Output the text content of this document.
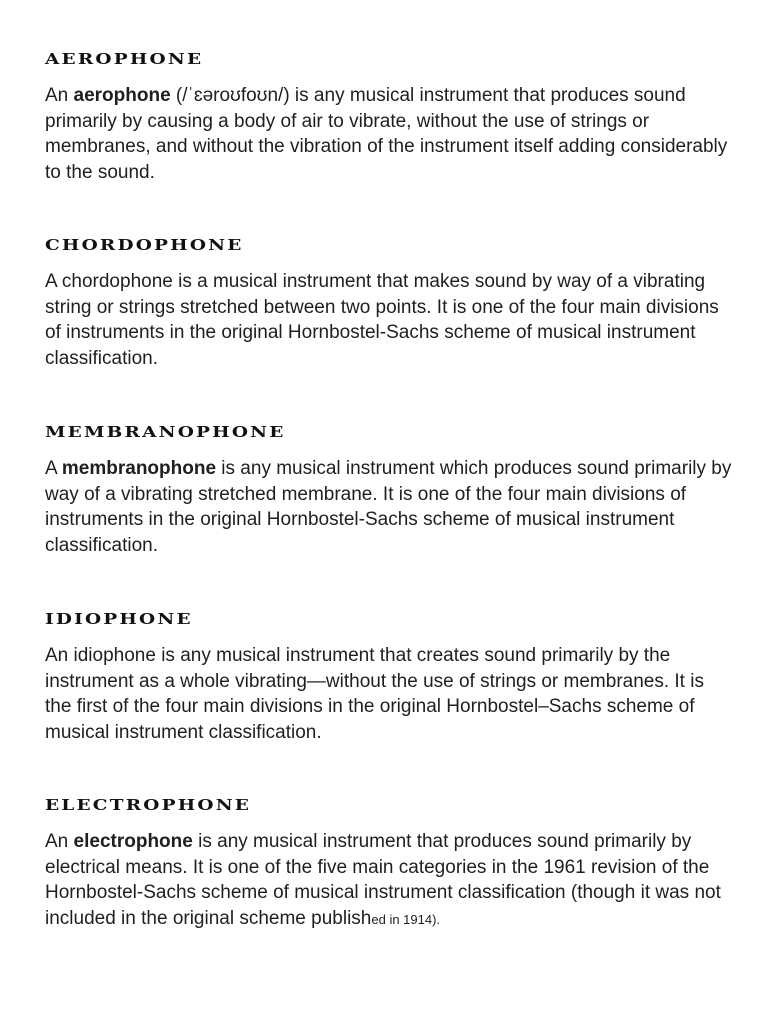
AEROPHONE

An aerophone (/ˈɛəroʊfoʊn/) is any musical instrument that produces sound primarily by causing a body of air to vibrate, without the use of strings or membranes, and without the vibration of the instrument itself adding considerably to the sound.

CHORDOPHONE

A chordophone is a musical instrument that makes sound by way of a vibrating string or strings stretched between two points. It is one of the four main divisions of instruments in the original Hornbostel-Sachs scheme of musical instrument classification.

MEMBRANOPHONE

A membranophone is any musical instrument which produces sound primarily by way of a vibrating stretched membrane. It is one of the four main divisions of instruments in the original Hornbostel-Sachs scheme of musical instrument classification.

IDIOPHONE

An idiophone is any musical instrument that creates sound primarily by the instrument as a whole vibrating—without the use of strings or membranes. It is the first of the four main divisions in the original Hornbostel–Sachs scheme of musical instrument classification.

ELECTROPHONE

An electrophone is any musical instrument that produces sound primarily by electrical means. It is one of the five main categories in the 1961 revision of the Hornbostel-Sachs scheme of musical instrument classification (though it was not included in the original scheme published in 1914).
